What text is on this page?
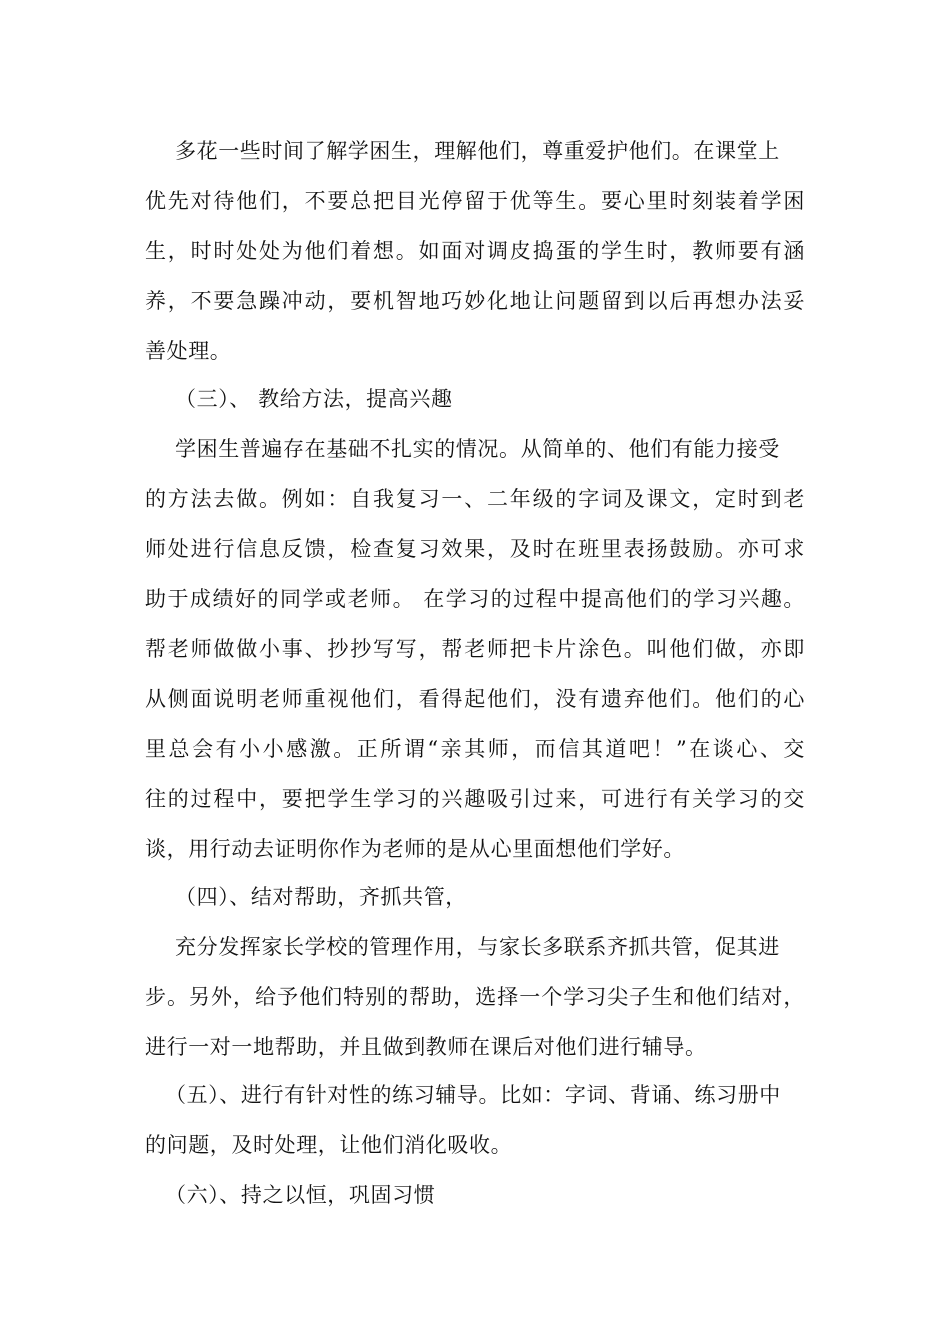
多花一些时间了解学困生，理解他们，尊重爱护他们。在课堂上
优先对待他们，不要总把目光停留于优等生。要心里时刻装着学困
生，时时处处为他们着想。如面对调皮捣蛋的学生时，教师要有涵
养，不要急躁冲动，要机智地巧妙化地让问题留到以后再想办法妥
善处理。
（三）、 教给方法，提高兴趣
学困生普遍存在基础不扎实的情况。从简单的、他们有能力接受
的方法去做。例如：自我复习一、二年级的字词及课文，定时到老
师处进行信息反馈，检查复习效果，及时在班里表扬鼓励。亦可求
助于成绩好的同学或老师。 在学习的过程中提高他们的学习兴趣。
帮老师做做小事、抄抄写写，帮老师把卡片涂色。叫他们做，亦即
从侧面说明老师重视他们，看得起他们，没有遗弃他们。他们的心
里总会有小小感激。正所谓“亲其师，而信其道吧！”在谈心、交
往的过程中，要把学生学习的兴趣吸引过来，可进行有关学习的交
谈，用行动去证明你作为老师的是从心里面想他们学好。
（四）、结对帮助，齐抓共管，
充分发挥家长学校的管理作用，与家长多联系齐抓共管，促其进
步。另外，给予他们特别的帮助，选择一个学习尖子生和他们结对，
进行一对一地帮助，并且做到教师在课后对他们进行辅导。
（五）、进行有针对性的练习辅导。比如：字词、背诵、练习册中
的问题，及时处理，让他们消化吸收。
（六）、持之以恒，巩固习惯
